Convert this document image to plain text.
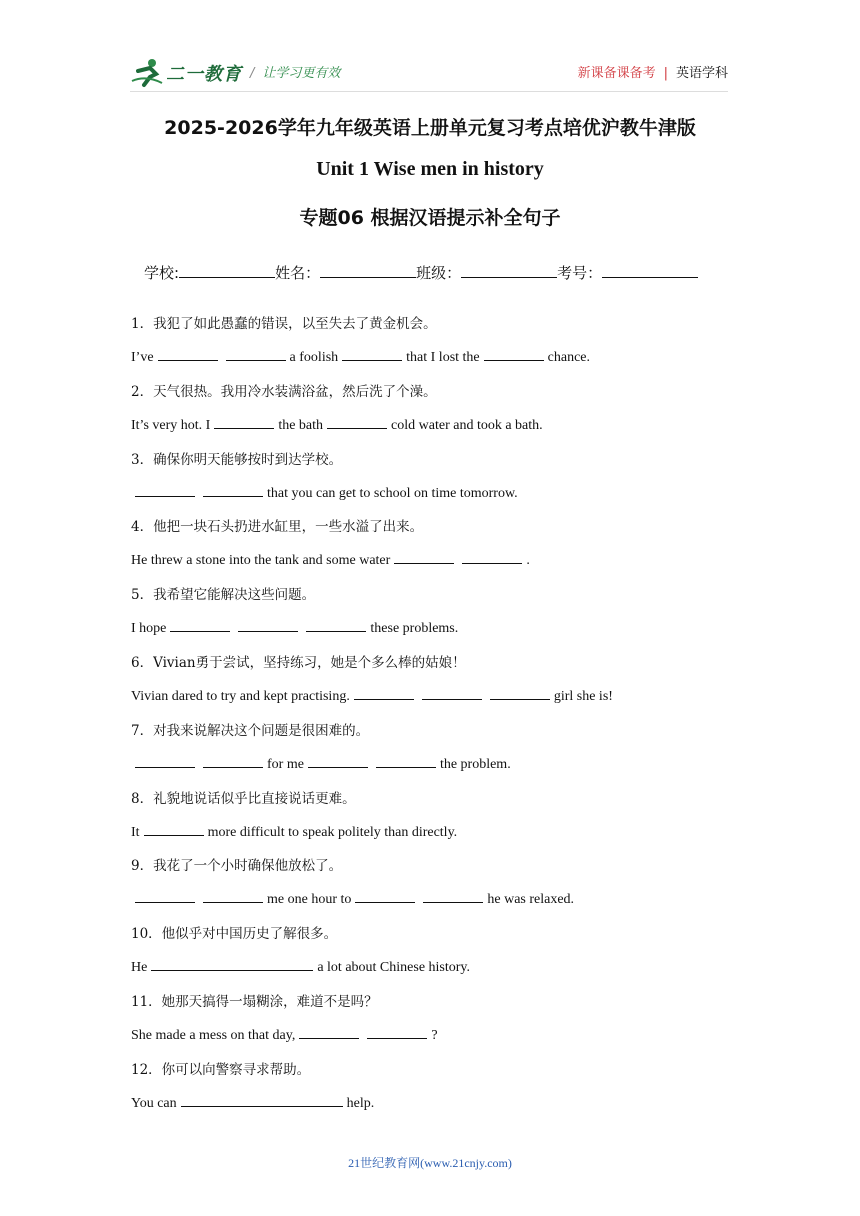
二一教育 / 让学习更有效	新课备课备考 | 英语学科
2025-2026学年九年级英语上册单元复习考点培优沪教牛津版
Unit 1 Wise men in history
专题06 根据汉语提示补全句子
学校:	姓名：	班级：	考号：
1．我犯了如此愚蠢的错误，以至失去了黄金机会。
I’ve	a foolish	that I lost the	chance.
2．天气很热。我用冷水装满浴盆，然后洗了个澡。
It’s very hot. I	the bath	cold water and took a bath.
3．确保你明天能够按时到达学校。
that you can get to school on time tomorrow.
4．他把一块石头扔进水缸里，一些水溢了出来。
He threw a stone into the tank and some water	.
5．我希望它能解决这些问题。
I hope	these problems.
6．Vivian勇于尝试，坚持练习，她是个多么棒的姑娘！
Vivian dared to try and kept practising.	girl she is!
7．对我来说解决这个问题是很困难的。
for me	the problem.
8．礼貌地说话似乎比直接说话更难。
It	more difficult to speak politely than directly.
9．我花了一个小时确保他放松了。
me one hour to	he was relaxed.
10．他似乎对中国历史了解很多。
He	a lot about Chinese history.
11．她那天搞得一塌糊涂，难道不是吗？
She made a mess on that day,	?
12．你可以向警察寻求帮助。
You can	help.
21世纪教育网(www.21cnjy.com)
